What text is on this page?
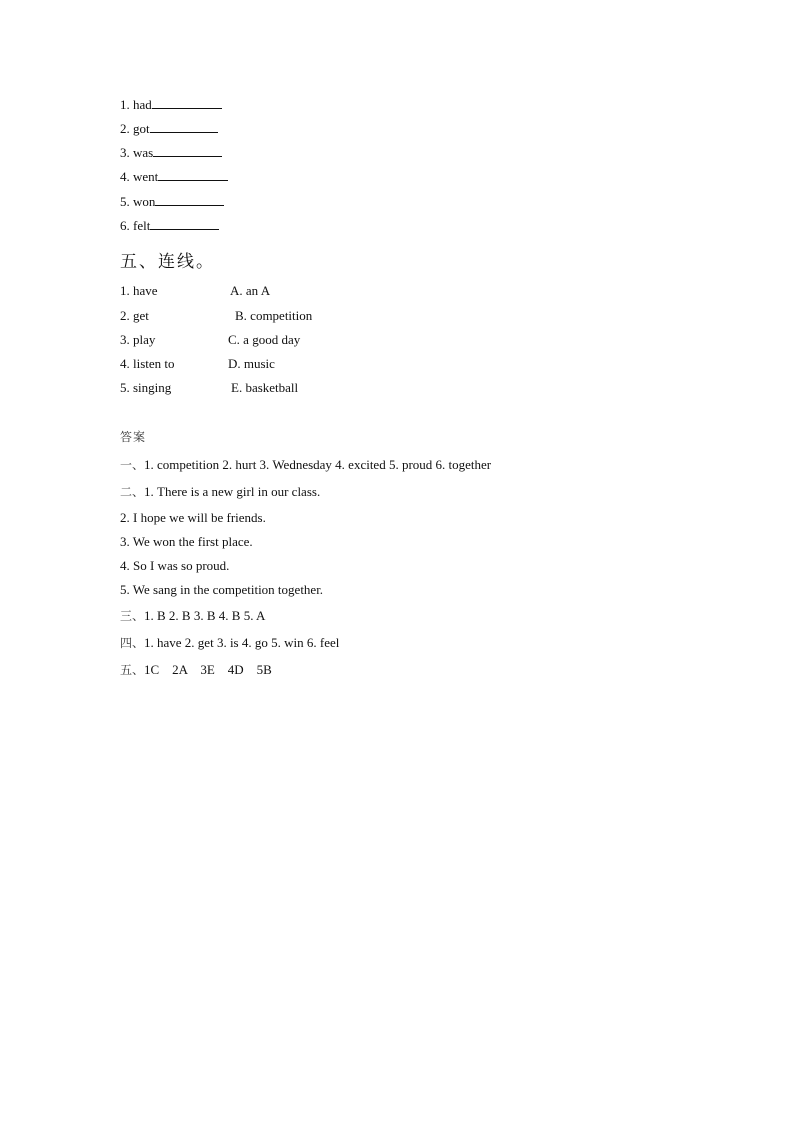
1. had
2. got
3. was
4. went
5. won
6. felt
五、连线。
1. have
2. get
3. play
4. listen to
5. singing
A. an A
B. competition
C. a good day
D. music
E. basketball
答案
一、1. competition 2. hurt 3. Wednesday 4. excited 5. proud 6. together
二、1. There is a new girl in our class.
2. I hope we will be friends.
3. We won the first place.
4. So I was so proud.
5. We sang in the competition together.
三、1. B 2. B 3. B 4. B 5. A
四、1. have 2. get 3. is 4. go 5. win 6. feel
五、1C    2A    3E    4D    5B
